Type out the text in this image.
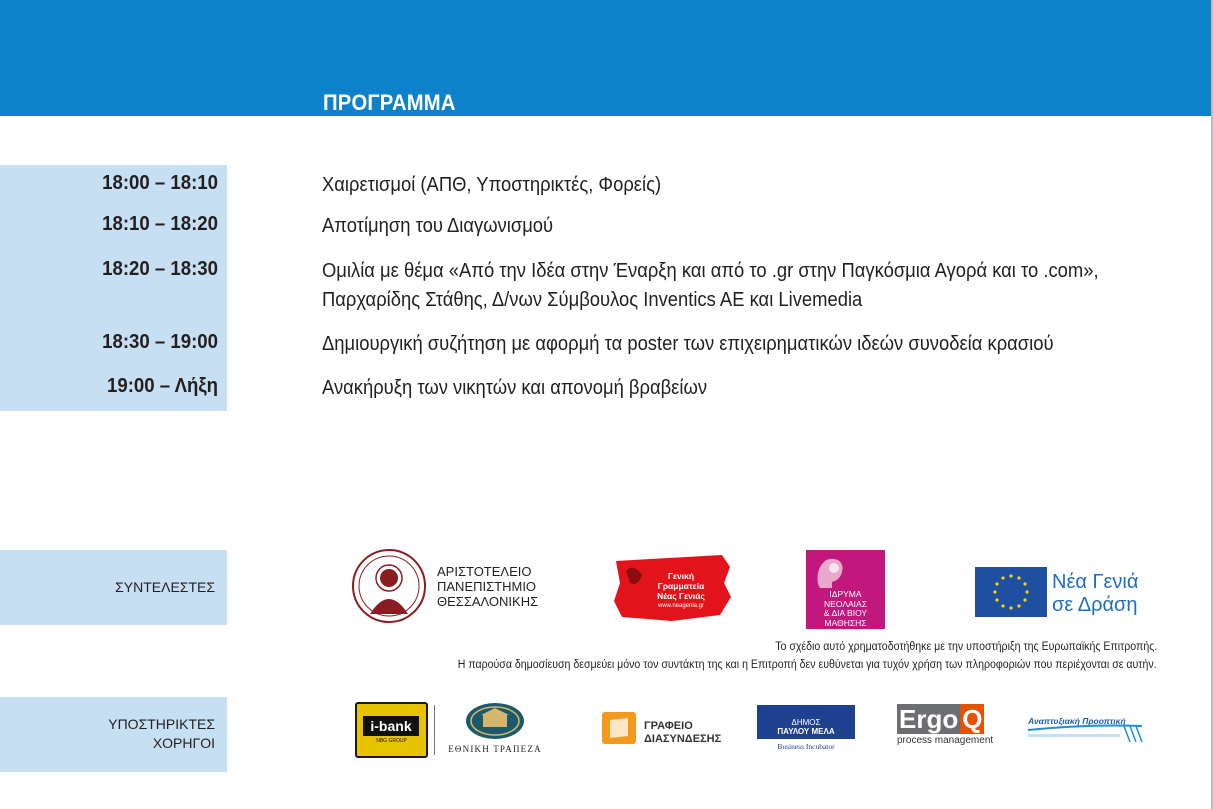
ΠΡΟΓΡΑΜΜΑ
18:00 – 18:10	Χαιρετισμοί (ΑΠΘ, Υποστηρικτές, Φορείς)
18:10 – 18:20	Αποτίμηση του Διαγωνισμού
18:20 – 18:30	Ομιλία με θέμα «Από την Ιδέα στην Έναρξη και από το .gr στην Παγκόσμια Αγορά και το .com»,
Παρχαρίδης Στάθης, Δ/νων Σύμβουλος Inventics AE και Livemedia
18:30 – 19:00	Δημιουργική συζήτηση με αφορμή τα poster των επιχειρηματικών ιδεών συνοδεία κρασιού
19:00 – Λήξη	Ανακήρυξη των νικητών και απονομή βραβείων
ΣΥΝΤΕΛΕΣΤΕΣ
ΑΡΙΣΤΟΤΕΛΕΙΟ
ΠΑΝΕΠΙΣΤΗΜΙΟ
ΘΕΣΣΑΛΟΝΙΚΗΣ
Γενική
Γραμματεία
Νέας Γενιάς
www.neagenia.gr
ΙΔΡΥΜΑ
ΝΕΟΛΑΙΑΣ
& ΔΙΑ ΒΙΟΥ
ΜΑΘΗΣΗΣ
Νέα Γενιά
σε Δράση
Το σχέδιο αυτό χρηματοδοτήθηκε με την υποστήριξη της Ευρωπαϊκής Επιτροπής.
Η παρούσα δημοσίευση δεσμεύει μόνο τον συντάκτη της και η Επιτροπή δεν ευθύνεται για τυχόν χρήση των πληροφοριών που περιέχονται σε αυτήν.
ΥΠΟΣΤΗΡΙΚΤΕΣ
ΧΟΡΗΓΟΙ
i-bank
NBG GROUP
ΕΘΝΙΚΗ ΤΡΑΠΕΖΑ
ΓΡΑΦΕΙΟ
ΔΙΑΣΥΝΔΕΣΗΣ
ΔΗΜΟΣ
ΠΑΥΛΟΥ ΜΕΛΑ
Business Incubator
Ergo Q
process management
Αναπτυξιακή Προοπτική
